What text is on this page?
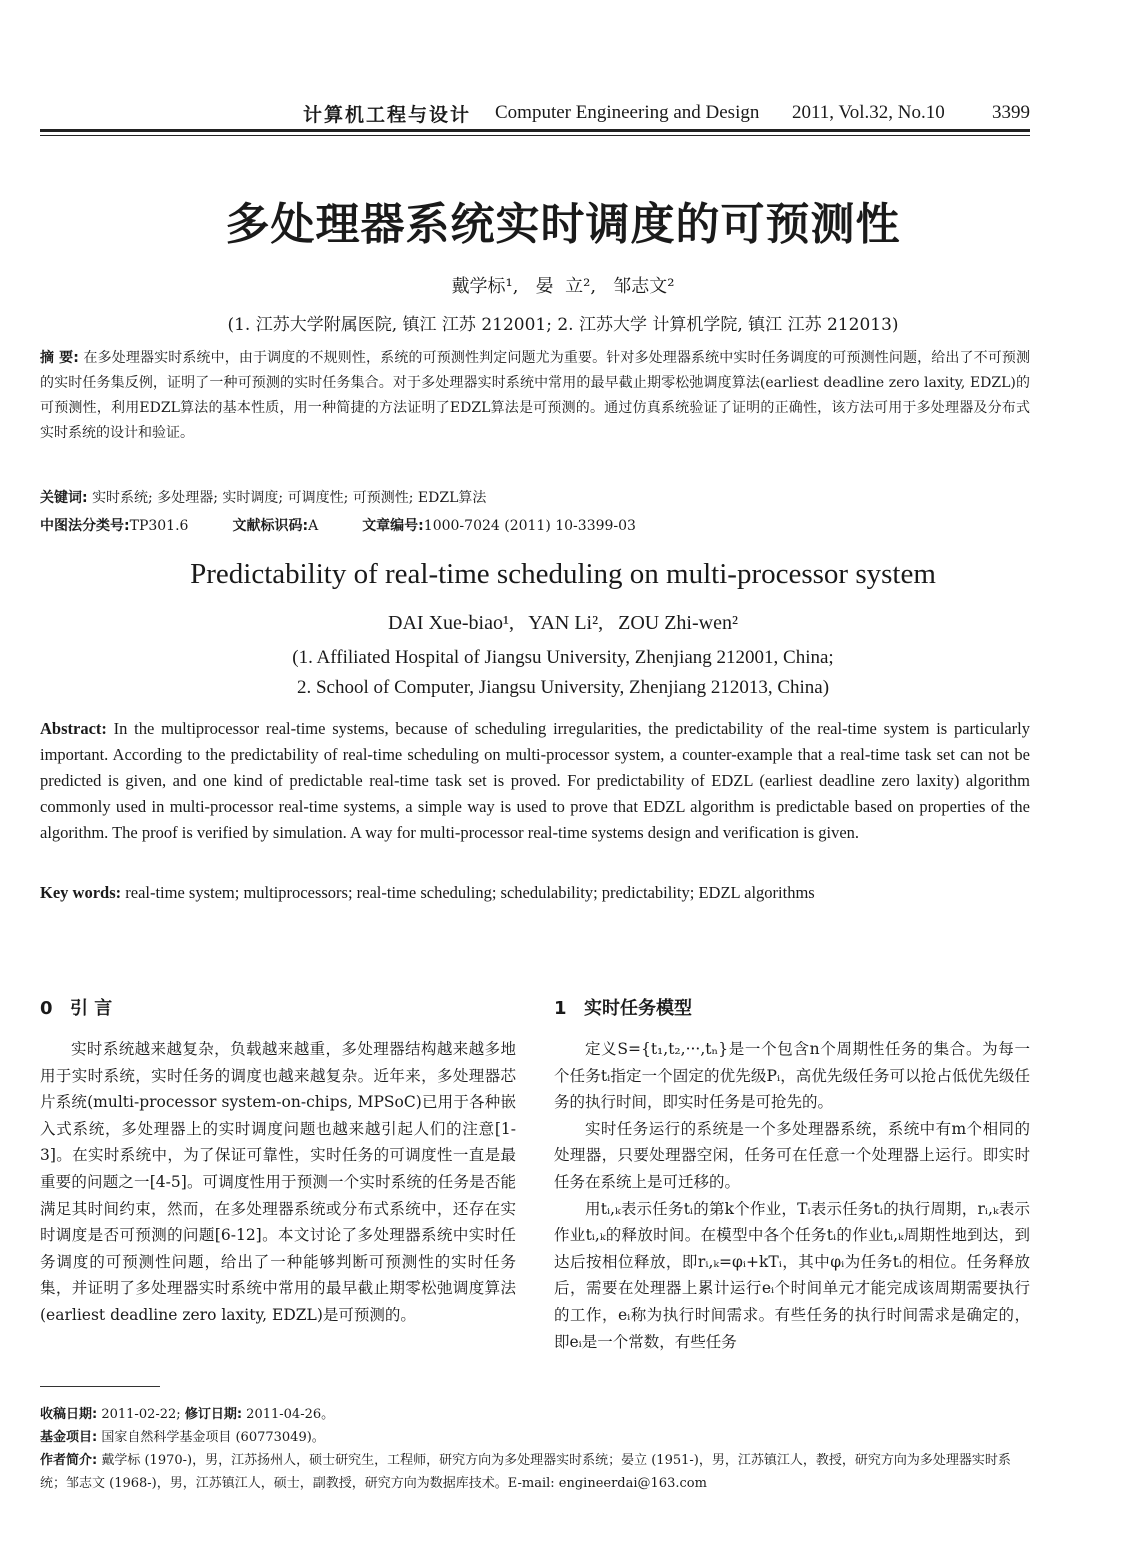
计算机工程与设计 Computer Engineering and Design 2011, Vol.32, No.10 3399
多处理器系统实时调度的可预测性
戴学标¹,   晏  立²,   邹志文²
(1. 江苏大学附属医院, 镇江 江苏 212001; 2. 江苏大学 计算机学院, 镇江 江苏 212013)
摘 要: 在多处理器实时系统中，由于调度的不规则性，系统的可预测性判定问题尤为重要。针对多处理器系统中实时任务调度的可预测性问题，给出了不可预测的实时任务集反例，证明了一种可预测的实时任务集合。对于多处理器实时系统中常用的最早截止期零松弛调度算法(earliest deadline zero laxity, EDZL)的可预测性，利用EDZL算法的基本性质，用一种简捷的方法证明了EDZL算法是可预测的。通过仿真系统验证了证明的正确性，该方法可用于多处理器及分布式实时系统的设计和验证。
关键词: 实时系统; 多处理器; 实时调度; 可调度性; 可预测性; EDZL算法
中图法分类号:TP301.6	文献标识码:A	文章编号:1000-7024 (2011) 10-3399-03
Predictability of real-time scheduling on multi-processor system
DAI Xue-biao¹,   YAN Li²,   ZOU Zhi-wen²
(1. Affiliated Hospital of Jiangsu University, Zhenjiang 212001, China;
2. School of Computer, Jiangsu University, Zhenjiang 212013, China)
Abstract: In the multiprocessor real-time systems, because of scheduling irregularities, the predictability of the real-time system is particularly important. According to the predictability of real-time scheduling on multi-processor system, a counter-example that a real-time task set can not be predicted is given, and one kind of predictable real-time task set is proved. For predictability of EDZL (earliest deadline zero laxity) algorithm commonly used in multi-processor real-time systems, a simple way is used to prove that EDZL algorithm is predictable based on properties of the algorithm. The proof is verified by simulation. A way for multi-processor real-time systems design and verification is given.
Key words: real-time system; multiprocessors; real-time scheduling; schedulability; predictability; EDZL algorithms
0 引 言

实时系统越来越复杂，负载越来越重，多处理器结构越来越多地用于实时系统，实时任务的调度也越来越复杂。近年来，多处理器芯片系统(multi-processor system-on-chips, MPSoC)已用于各种嵌入式系统，多处理器上的实时调度问题也越来越引起人们的注意[1-3]。在实时系统中，为了保证可靠性，实时任务的可调度性一直是最重要的问题之一[4-5]。可调度性用于预测一个实时系统的任务是否能满足其时间约束，然而，在多处理器系统或分布式系统中，还存在实时调度是否可预测的问题[6-12]。本文讨论了多处理器系统中实时任务调度的可预测性问题，给出了一种能够判断可预测性的实时任务集，并证明了多处理器实时系统中常用的最早截止期零松弛调度算法(earliest deadline zero laxity, EDZL)是可预测的。

1 实时任务模型

定义S={t₁,t₂,···,tₙ}是一个包含n个周期性任务的集合。为每一个任务tᵢ指定一个固定的优先级Pᵢ，高优先级任务可以抢占低优先级任务的执行时间，即实时任务是可抢先的。

实时任务运行的系统是一个多处理器系统，系统中有m个相同的处理器，只要处理器空闲，任务可在任意一个处理器上运行。即实时任务在系统上是可迁移的。

用tᵢ,ₖ表示任务tᵢ的第k个作业，Tᵢ表示任务tᵢ的执行周期，rᵢ,ₖ表示作业tᵢ,ₖ的释放时间。在模型中各个任务tᵢ的作业tᵢ,ₖ周期性地到达，到达后按相位释放，即rᵢ,ₖ=φᵢ+kTᵢ，其中φᵢ为任务tᵢ的相位。任务释放后，需要在处理器上累计运行eᵢ个时间单元才能完成该周期需要执行的工作，eᵢ称为执行时间需求。有些任务的执行时间需求是确定的，即eᵢ是一个常数，有些任务

收稿日期: 2011-02-22; 修订日期: 2011-04-26。
基金项目: 国家自然科学基金项目 (60773049)。
作者简介: 戴学标 (1970-)，男，江苏扬州人，硕士研究生，工程师，研究方向为多处理器实时系统；晏立 (1951-)，男，江苏镇江人，教授，研究方向为多处理器实时系统；邹志文 (1968-)，男，江苏镇江人，硕士，副教授，研究方向为数据库技术。E-mail: engineerdai@163.com
